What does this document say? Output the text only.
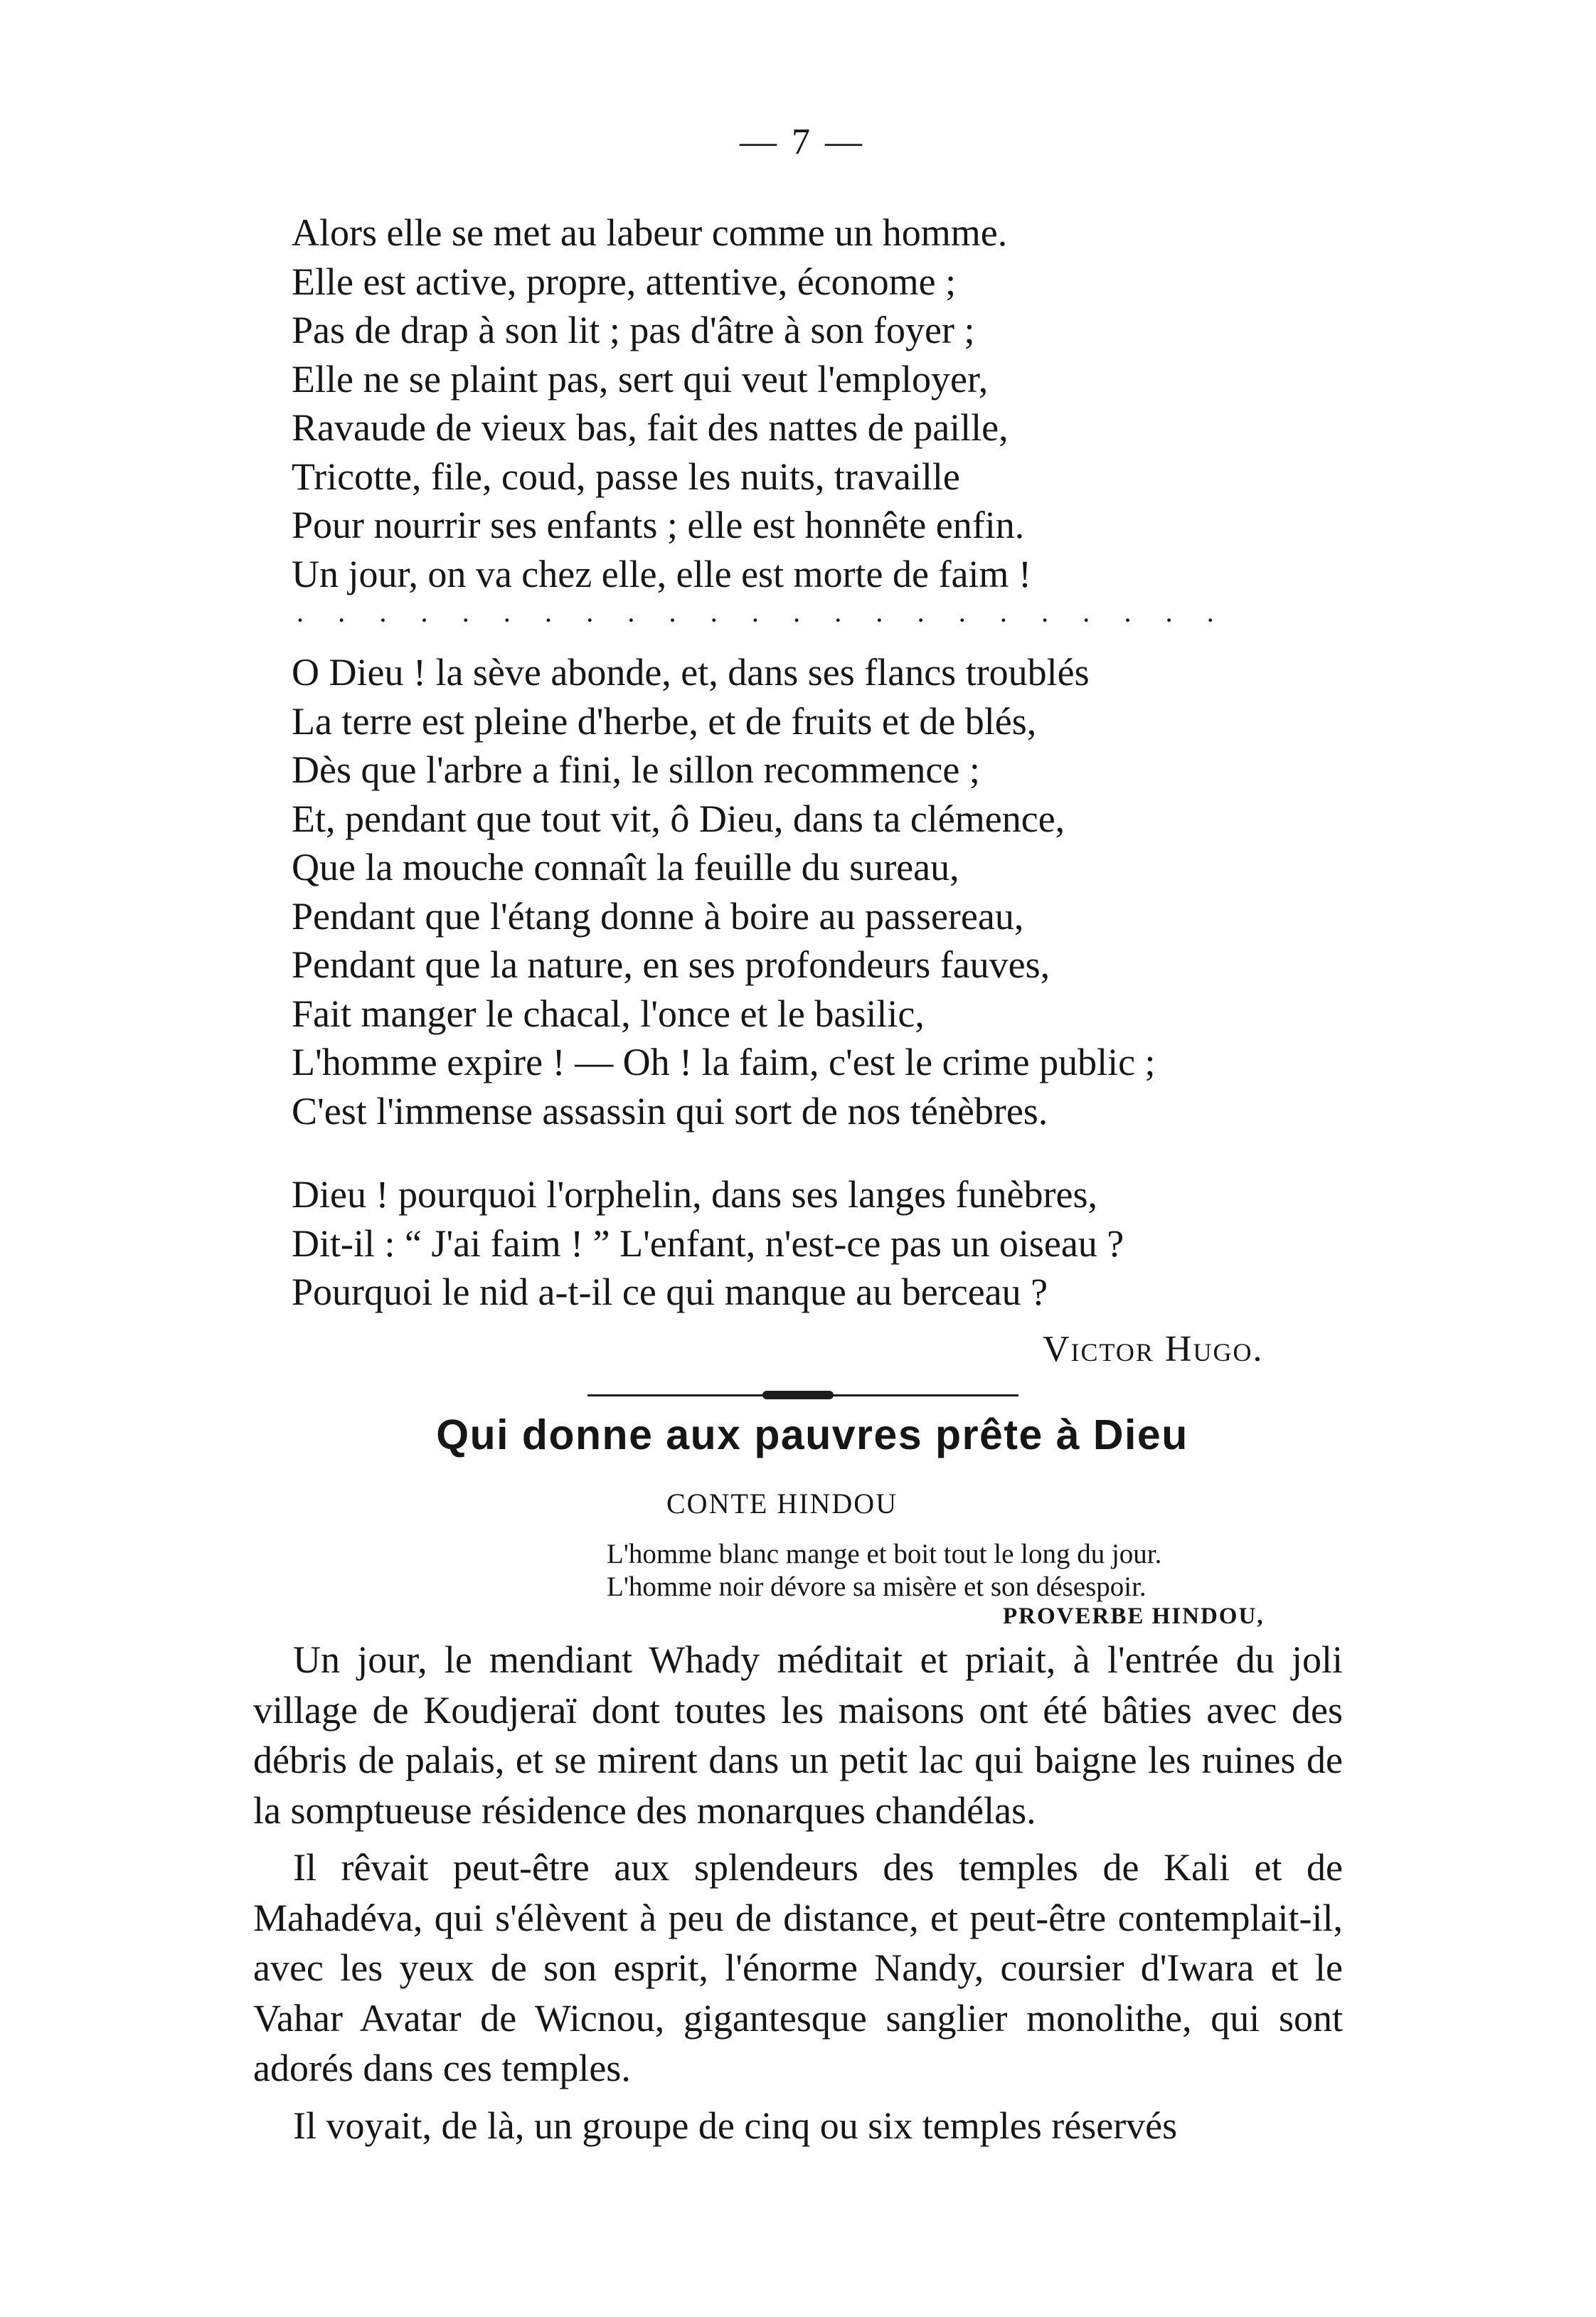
— 7 —
Alors elle se met au labeur comme un homme.
Elle est active, propre, attentive, économe ;
Pas de drap à son lit ; pas d'âtre à son foyer ;
Elle ne se plaint pas, sert qui veut l'employer,
Ravaude de vieux bas, fait des nattes de paille,
Tricotte, file, coud, passe les nuits, travaille
Pour nourrir ses enfants ; elle est honnête enfin.
Un jour, on va chez elle, elle est morte de faim !
. . . . . . . . . . . . . . . . . . . . . . .
O Dieu ! la sève abonde, et, dans ses flancs troublés
La terre est pleine d'herbe, et de fruits et de blés,
Dès que l'arbre a fini, le sillon recommence ;
Et, pendant que tout vit, ô Dieu, dans ta clémence,
Que la mouche connaît la feuille du sureau,
Pendant que l'étang donne à boire au passereau,
Pendant que la nature, en ses profondeurs fauves,
Fait manger le chacal, l'once et le basilic,
L'homme expire ! — Oh ! la faim, c'est le crime public ;
C'est l'immense assassin qui sort de nos ténèbres.
Dieu ! pourquoi l'orphelin, dans ses langes funèbres,
Dit-il : “ J'ai faim ! ” L'enfant, n'est-ce pas un oiseau ?
Pourquoi le nid a-t-il ce qui manque au berceau ?
Victor Hugo.
Qui donne aux pauvres prête à Dieu
CONTE HINDOU
L'homme blanc mange et boit tout le long du jour.
L'homme noir dévore sa misère et son désespoir.
PROVERBE HINDOU,

Un jour, le mendiant Whady méditait et priait, à l'entrée du joli village de Koudjeraï dont toutes les maisons ont été bâties avec des débris de palais, et se mirent dans un petit lac qui baigne les ruines de la somptueuse résidence des monarques chandélas.

Il rêvait peut-être aux splendeurs des temples de Kali et de Mahadéva, qui s'élèvent à peu de distance, et peut-être contemplait-il, avec les yeux de son esprit, l'énorme Nandy, coursier d'Iwara et le Vahar Avatar de Wicnou, gigantesque sanglier monolithe, qui sont adorés dans ces temples.

Il voyait, de là, un groupe de cinq ou six temples réservés
